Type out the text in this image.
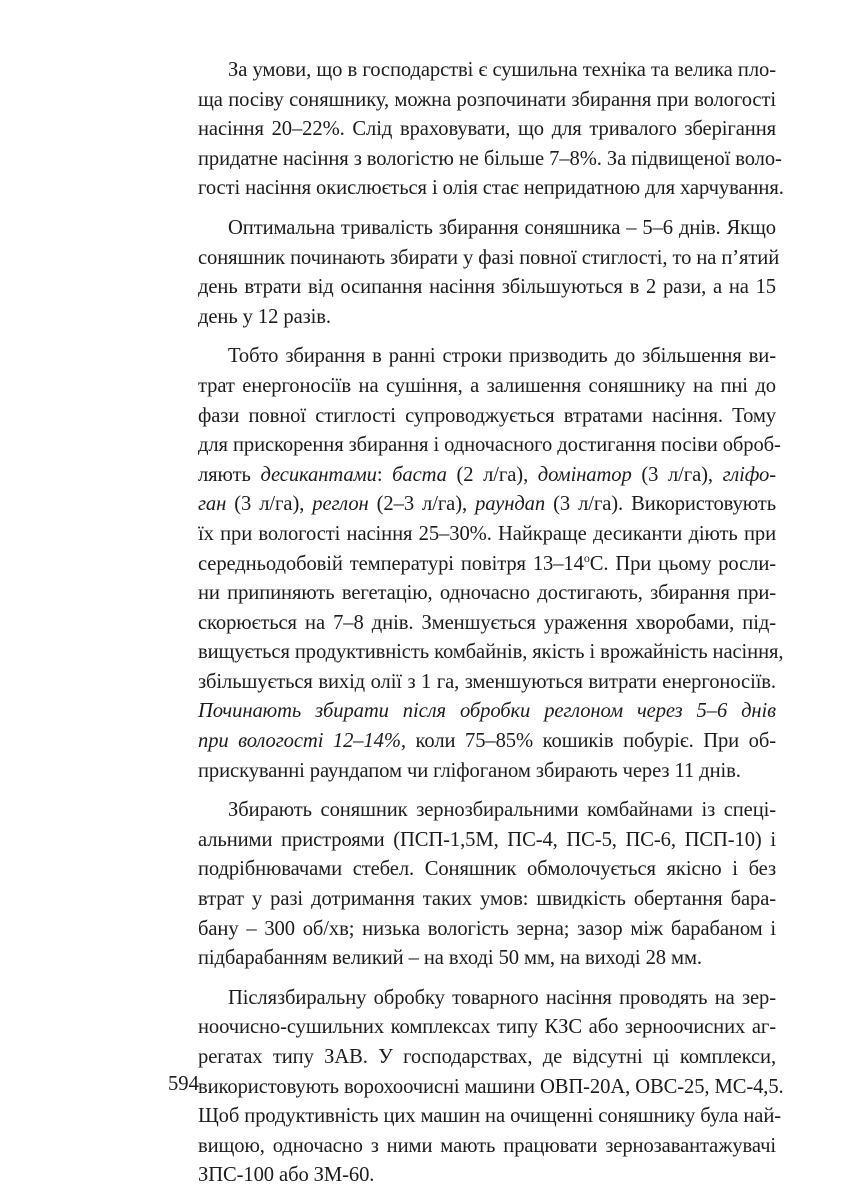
За умови, що в господарстві є сушильна техніка та велика пло-
ща посіву соняшнику, можна розпочинати збирання при вологості
насіння 20–22%. Слід враховувати, що для тривалого зберігання
придатне насіння з вологістю не більше 7–8%. За підвищеної воло-
гості насіння окислюється і олія стає непридатною для харчування.
Оптимальна тривалість збирання соняшника – 5–6 днів. Якщо
соняшник починають збирати у фазі повної стиглості, то на п’ятий
день втрати від осипання насіння збільшуються в 2 рази, а на 15
день у 12 разів.
Тобто збирання в ранні строки призводить до збільшення ви-
трат енергоносіїв на сушіння, а залишення соняшнику на пні до
фази повної стиглості супроводжується втратами насіння. Тому
для прискорення збирання і одночасного достигання посіви оброб-
ляють десикантами: баста (2 л/га), домінатор (3 л/га), гліфо-
ган (3 л/га), реглон (2–3 л/га), раундап (3 л/га). Використовують
їх при вологості насіння 25–30%. Найкраще десиканти діють при
середньодобовій температурі повітря $13-14^оС$. При цьому росли-
ни припиняють вегетацію, одночасно достигають, збирання при-
скорюється на 7–8 днів. Зменшується ураження хворобами, під-
вищується продуктивність комбайнів, якість і врожайність насіння,
збільшується вихід олії з 1 га, зменшуються витрати енергоносіїв.
Починають збирати після обробки реглоном через 5–6 днів
при вологості 12–14%, коли 75–85% кошиків побуріє. При об-
прискуванні раундапом чи гліфоганом збирають через 11 днів.
Збирають соняшник зернозбиральними комбайнами із спеці-
альними пристроями (ПСП-1,5М, ПС-4, ПС-5, ПС-6, ПСП-10) і
подрібнювачами стебел. Соняшник обмолочується якісно і без
втрат у разі дотримання таких умов: швидкість обертання бара-
бану – 300 об/хв; низька вологість зерна; зазор між барабаном і
підбарабанням великий – на вході 50 мм, на виході 28 мм.
Післязбиральну обробку товарного насіння проводять на зер-
ноочисно-сушильних комплексах типу КЗС або зерноочисних аг-
регатах типу ЗАВ. У господарствах, де відсутні ці комплекси,
використовують ворохоочисні машини ОВП-20А, ОВС-25, МС-4,5.
Щоб продуктивність цих машин на очищенні соняшнику була най-
вищою, одночасно з ними мають працювати зернозавантажувачі
ЗПС-100 або ЗМ-60.
594
